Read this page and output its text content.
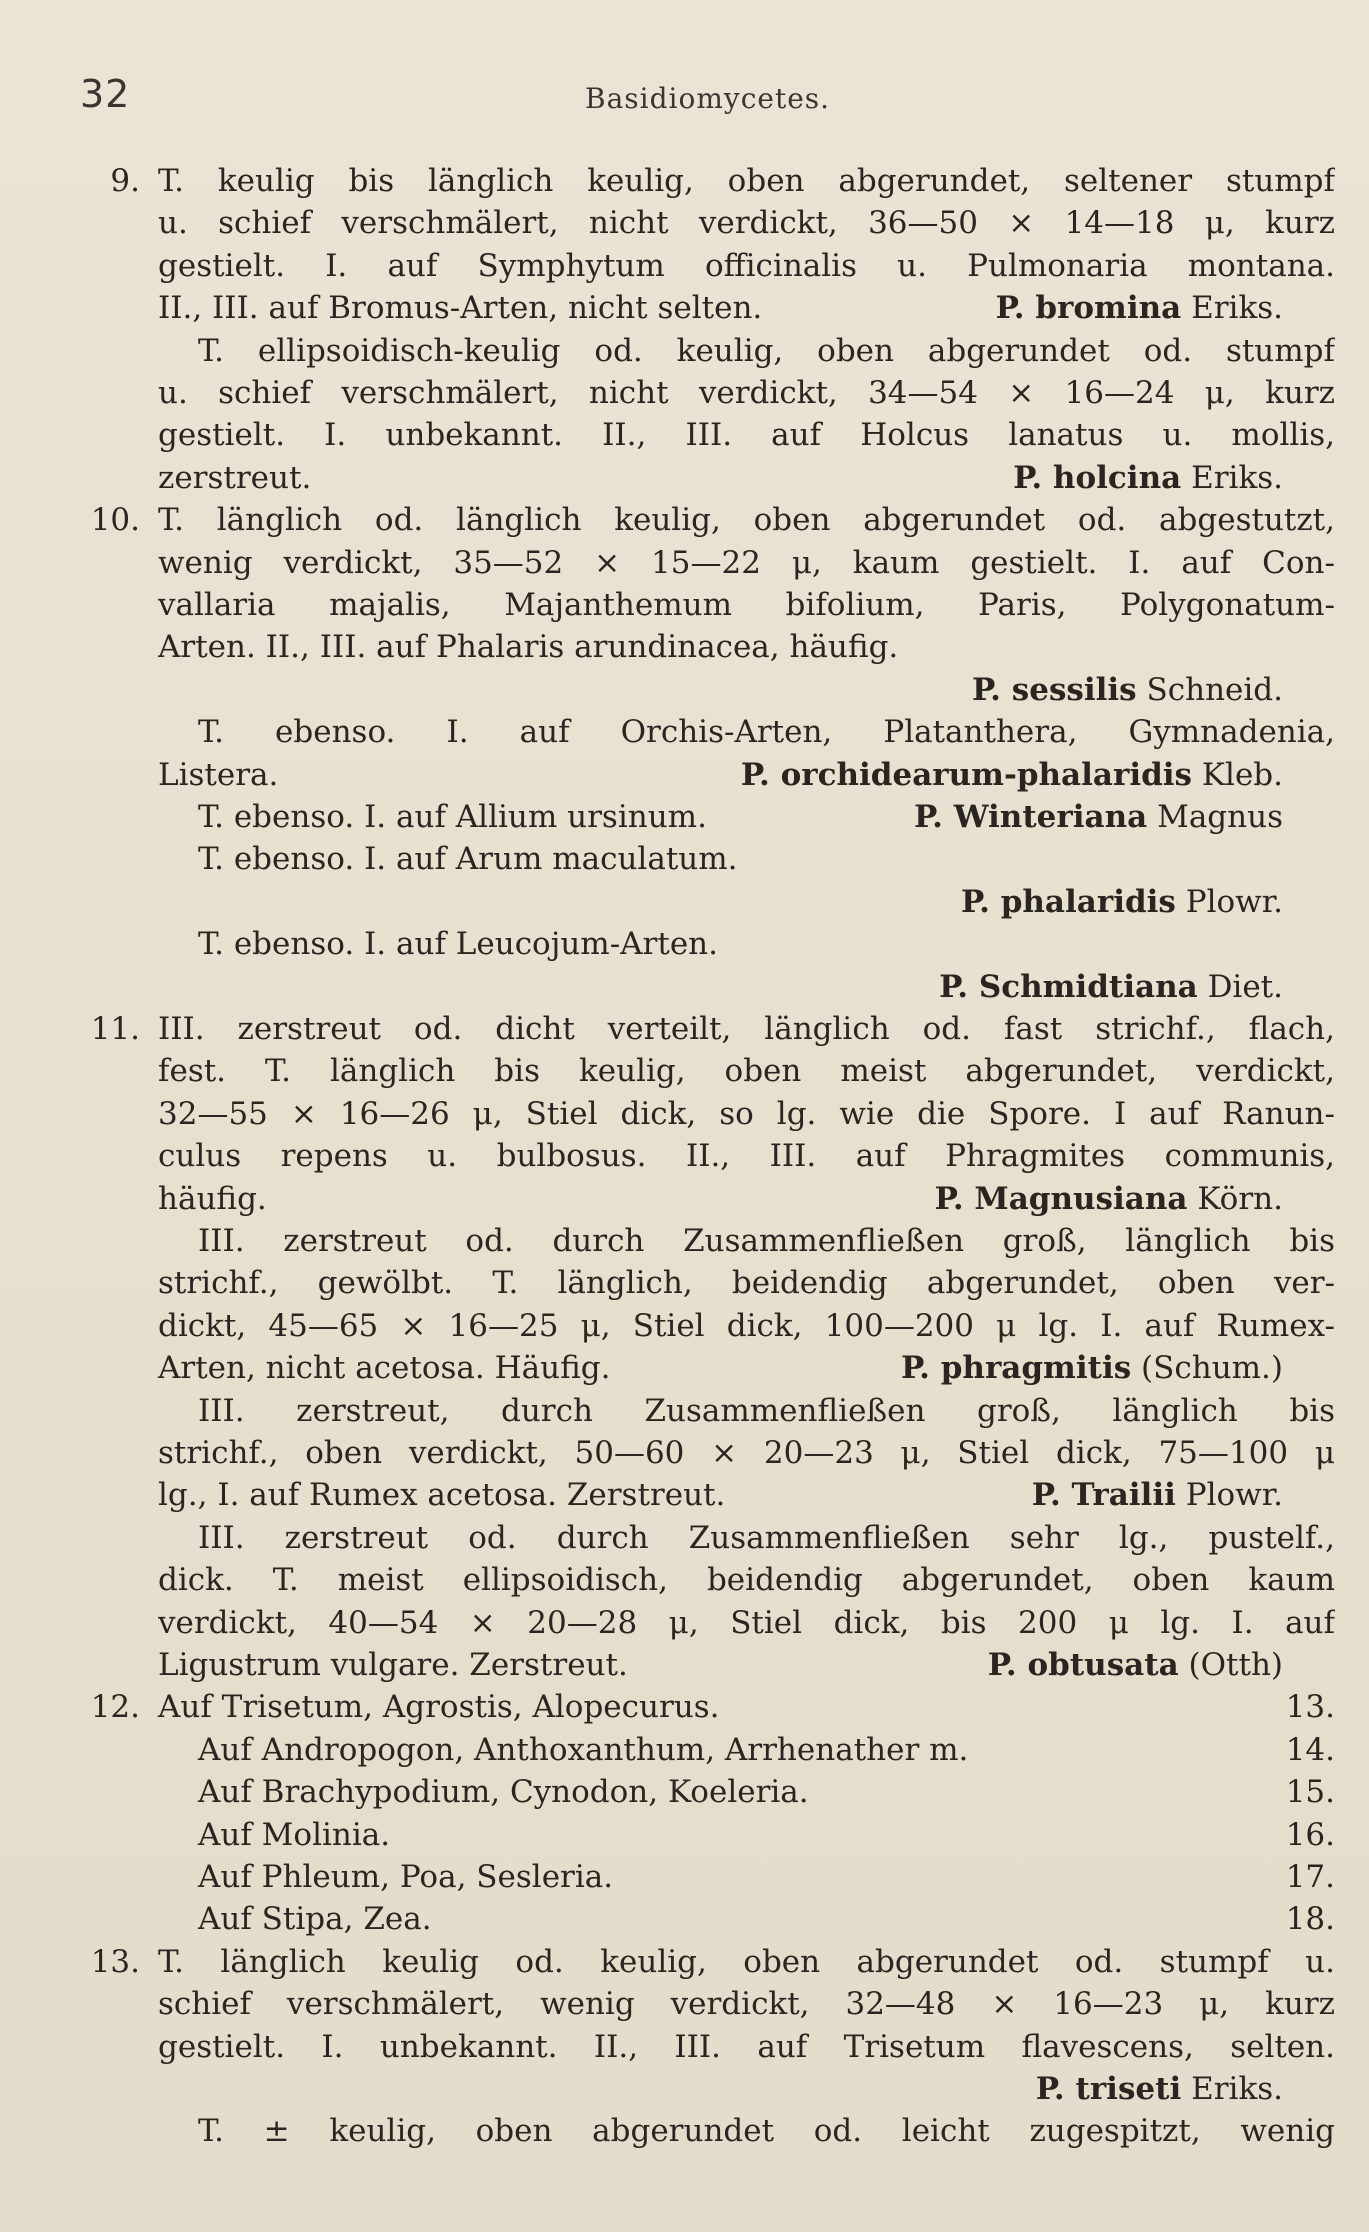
32	Basidiomycetes.
9. T. keulig bis länglich keulig, oben abgerundet, seltener stumpf
u. schief verschmälert, nicht verdickt, 36—50 × 14—18 μ, kurz
gestielt. I. auf Symphytum officinalis u. Pulmonaria montana.
II., III. auf Bromus-Arten, nicht selten.	P. bromina Eriks.
T. ellipsoidisch-keulig od. keulig, oben abgerundet od. stumpf
u. schief verschmälert, nicht verdickt, 34—54 × 16—24 μ, kurz
gestielt. I. unbekannt. II., III. auf Holcus lanatus u. mollis,
zerstreut.	P. holcina Eriks.
10. T. länglich od. länglich keulig, oben abgerundet od. abgestutzt,
wenig verdickt, 35—52 × 15—22 μ, kaum gestielt. I. auf Con-
vallaria majalis, Majanthemum bifolium, Paris, Polygonatum-
Arten. II., III. auf Phalaris arundinacea, häufig.
P. sessilis Schneid.
T. ebenso. I. auf Orchis-Arten, Platanthera, Gymnadenia,
Listera.	P. orchidearum-phalaridis Kleb.
T. ebenso. I. auf Allium ursinum.	P. Winteriana Magnus
T. ebenso. I. auf Arum maculatum.
P. phalaridis Plowr.
T. ebenso. I. auf Leucojum-Arten.
P. Schmidtiana Diet.
11. III. zerstreut od. dicht verteilt, länglich od. fast strichf., flach,
fest. T. länglich bis keulig, oben meist abgerundet, verdickt,
32—55 × 16—26 μ, Stiel dick, so lg. wie die Spore. I auf Ranun-
culus repens u. bulbosus. II., III. auf Phragmites communis,
häufig.	P. Magnusiana Körn.
III. zerstreut od. durch Zusammenfließen groß, länglich bis
strichf., gewölbt. T. länglich, beidendig abgerundet, oben ver-
dickt, 45—65 × 16—25 μ, Stiel dick, 100—200 μ lg. I. auf Rumex-
Arten, nicht acetosa. Häufig.	P. phragmitis (Schum.)
III. zerstreut, durch Zusammenfließen groß, länglich bis
strichf., oben verdickt, 50—60 × 20—23 μ, Stiel dick, 75—100 μ
lg., I. auf Rumex acetosa. Zerstreut.	P. Trailii Plowr.
III. zerstreut od. durch Zusammenfließen sehr lg., pustelf.,
dick. T. meist ellipsoidisch, beidendig abgerundet, oben kaum
verdickt, 40—54 × 20—28 μ, Stiel dick, bis 200 μ lg. I. auf
Ligustrum vulgare. Zerstreut.	P. obtusata (Otth)
12. Auf Trisetum, Agrostis, Alopecurus.	13.
Auf Andropogon, Anthoxanthum, Arrhenather m.	14.
Auf Brachypodium, Cynodon, Koeleria.	15.
Auf Molinia.	16.
Auf Phleum, Poa, Sesleria.	17.
Auf Stipa, Zea.	18.
13. T. länglich keulig od. keulig, oben abgerundet od. stumpf u.
schief verschmälert, wenig verdickt, 32—48 × 16—23 μ, kurz
gestielt. I. unbekannt. II., III. auf Trisetum flavescens, selten.
P. triseti Eriks.
T. ± keulig, oben abgerundet od. leicht zugespitzt, wenig
